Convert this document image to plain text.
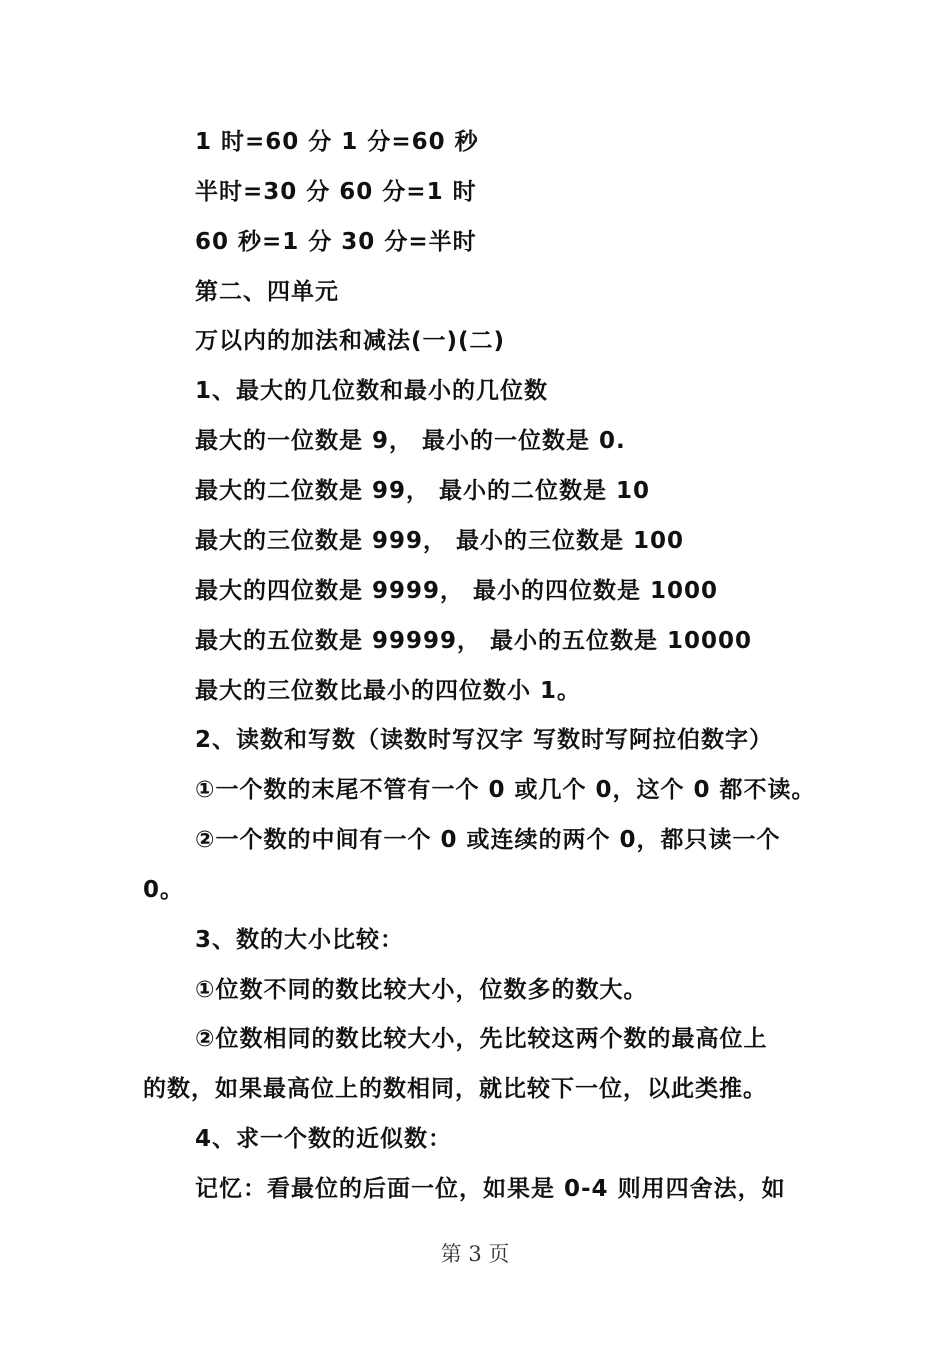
1 时=60 分 1 分=60 秒
半时=30 分 60 分=1 时
60 秒=1 分 30 分=半时
第二、四单元
万以内的加法和减法(一)(二)
1、最大的几位数和最小的几位数
最大的一位数是 9， 最小的一位数是 0.
最大的二位数是 99， 最小的二位数是 10
最大的三位数是 999， 最小的三位数是 100
最大的四位数是 9999， 最小的四位数是 1000
最大的五位数是 99999， 最小的五位数是 10000
最大的三位数比最小的四位数小 1。
2、读数和写数（读数时写汉字 写数时写阿拉伯数字）
①一个数的末尾不管有一个 0 或几个 0，这个 0 都不读。
②一个数的中间有一个 0 或连续的两个 0，都只读一个
0。
3、数的大小比较：
①位数不同的数比较大小，位数多的数大。
②位数相同的数比较大小，先比较这两个数的最高位上
的数，如果最高位上的数相同，就比较下一位，以此类推。
4、求一个数的近似数：
记忆：看最位的后面一位，如果是 0-4 则用四舍法，如
第 3 页
